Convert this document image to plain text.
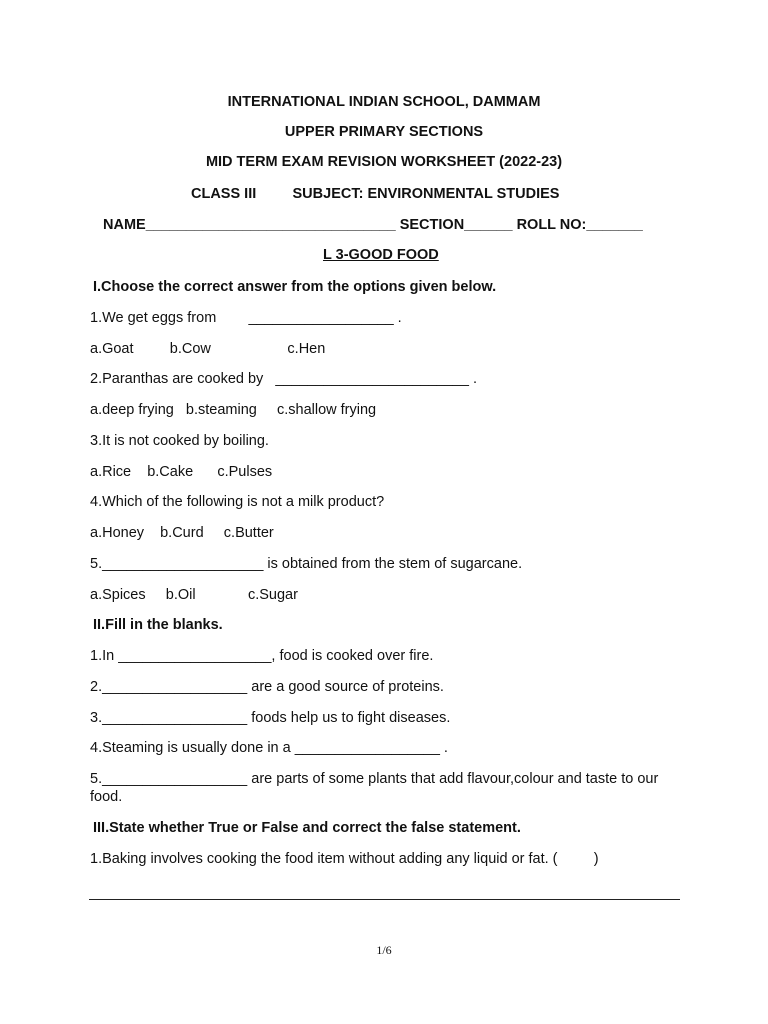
INTERNATIONAL INDIAN SCHOOL, DAMMAM
UPPER PRIMARY SECTIONS
MID TERM EXAM REVISION WORKSHEET (2022-23)
CLASS III         SUBJECT: ENVIRONMENTAL STUDIES
NAME_______________________________ SECTION______ ROLL NO:_______
L 3-GOOD FOOD
I.Choose the correct answer from the options given below.
1.We get eggs from        __________________ .
a.Goat         b.Cow                   c.Hen
2.Paranthas are cooked by   ________________________ .
a.deep frying   b.steaming     c.shallow frying
3.It is not cooked by boiling.
a.Rice    b.Cake      c.Pulses
4.Which of the following is not a milk product?
a.Honey    b.Curd     c.Butter
5.____________________ is obtained from the stem of sugarcane.
a.Spices     b.Oil             c.Sugar
II.Fill in the blanks.
1.In ___________________, food is cooked over fire.
2.__________________ are a good source of proteins.
3.__________________ foods help us to fight diseases.
4.Steaming is usually done in a __________________ .
5.__________________ are parts of some plants that add flavour,colour and taste to our food.
III.State whether True or False and correct the false statement.
1.Baking involves cooking the food item without adding any liquid or fat. (         )
1/6
